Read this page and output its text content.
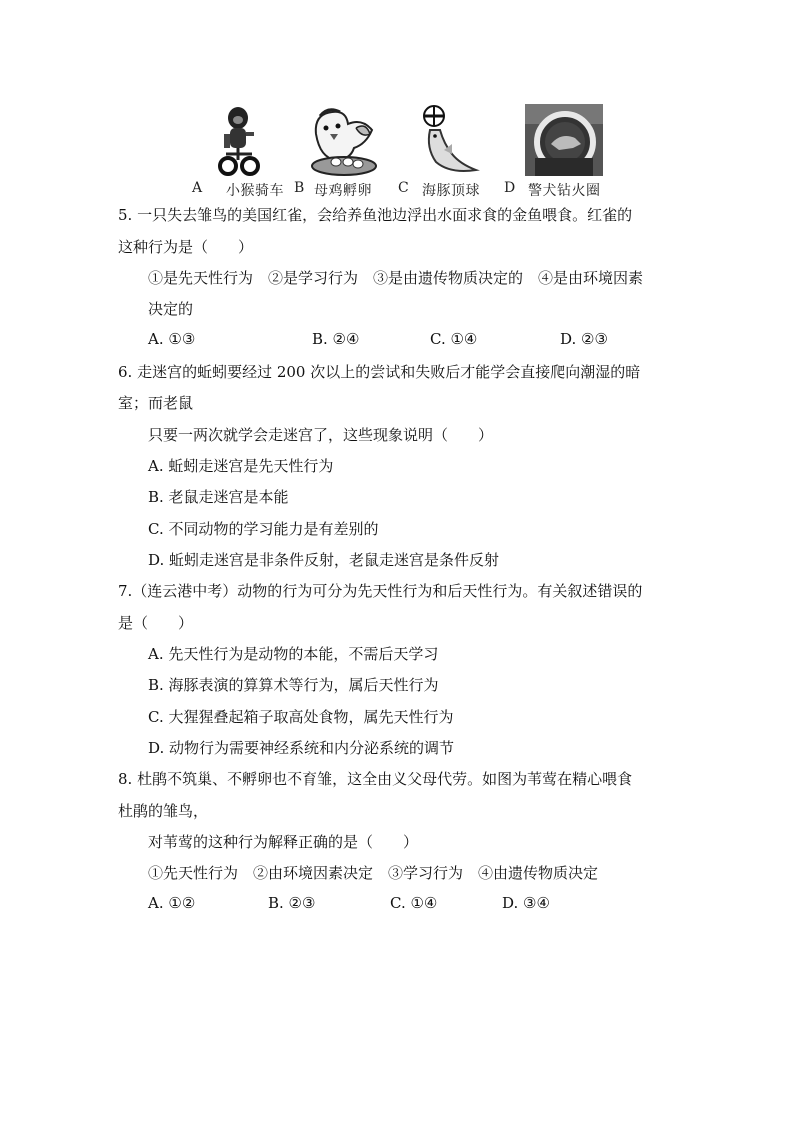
A 小猴骑车 B 母鸡孵卵 C 海豚顶球 D 警犬钻火圈
5. 一只失去雏鸟的美国红雀，会给养鱼池边浮出水面求食的金鱼喂食。红雀的
这种行为是（　　）
①是先天性行为　②是学习行为　③是由遗传物质决定的　④是由环境因素
决定的
A. ①③	B. ②④	C. ①④	D. ②③
6. 走迷宫的蚯蚓要经过 200 次以上的尝试和失败后才能学会直接爬向潮湿的暗
室；而老鼠
只要一两次就学会走迷宫了，这些现象说明（　　）
A. 蚯蚓走迷宫是先天性行为
B. 老鼠走迷宫是本能
C. 不同动物的学习能力是有差别的
D. 蚯蚓走迷宫是非条件反射，老鼠走迷宫是条件反射
7.（连云港中考）动物的行为可分为先天性行为和后天性行为。有关叙述错误的
是（　　）
A. 先天性行为是动物的本能，不需后天学习
B. 海豚表演的算算术等行为，属后天性行为
C. 大猩猩叠起箱子取高处食物，属先天性行为
D. 动物行为需要神经系统和内分泌系统的调节
8. 杜鹃不筑巢、不孵卵也不育雏，这全由义父母代劳。如图为苇莺在精心喂食
杜鹃的雏鸟，
对苇莺的这种行为解释正确的是（　　）
①先天性行为　②由环境因素决定　③学习行为　④由遗传物质决定
A. ①②	B. ②③	C. ①④	D. ③④
